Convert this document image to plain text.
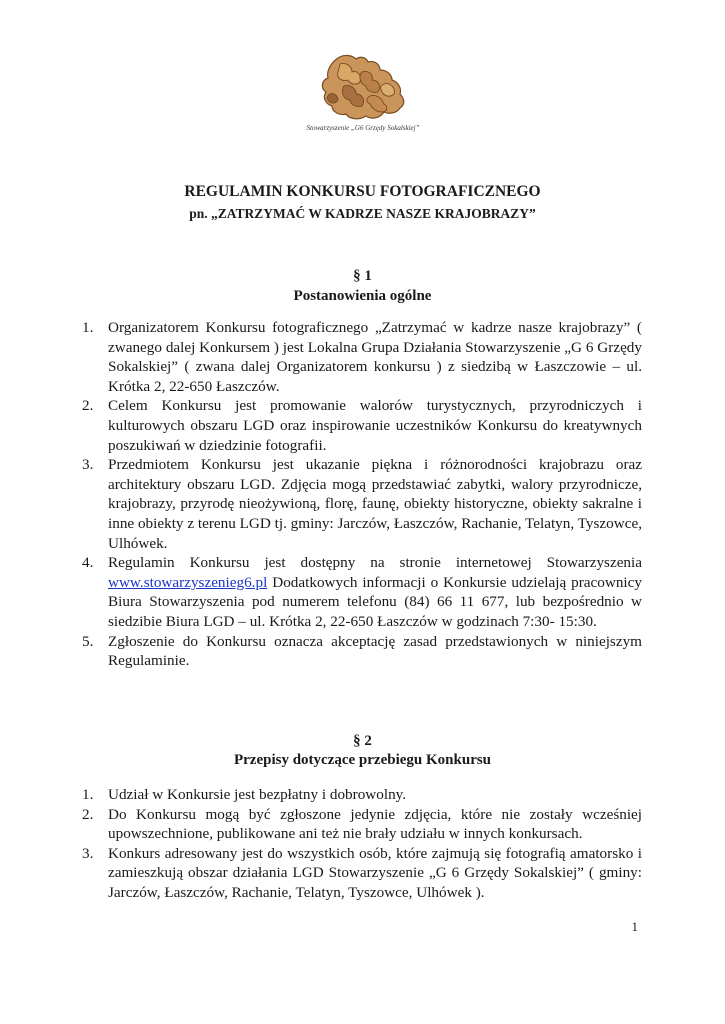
Stowarzyszenie „G6 Grzędy Sokalskiej”
REGULAMIN KONKURSU FOTOGRAFICZNEGO
pn. „ZATRZYMAĆ W KADRZE NASZE KRAJOBRAZY”
§ 1
Postanowienia ogólne
1. Organizatorem Konkursu fotograficznego „Zatrzymać w kadrze nasze krajobrazy” ( zwanego dalej Konkursem ) jest Lokalna Grupa Działania Stowarzyszenie „G 6 Grzędy Sokalskiej” ( zwana dalej Organizatorem konkursu ) z siedzibą w Łaszczowie – ul. Krótka 2, 22-650 Łaszczów.
2. Celem Konkursu jest promowanie walorów turystycznych, przyrodniczych i kulturowych obszaru LGD oraz inspirowanie uczestników Konkursu do kreatywnych poszukiwań w dziedzinie fotografii.
3. Przedmiotem Konkursu jest ukazanie piękna i różnorodności krajobrazu oraz architektury obszaru LGD. Zdjęcia mogą przedstawiać zabytki, walory przyrodnicze, krajobrazy, przyrodę nieożywioną, florę, faunę, obiekty historyczne, obiekty sakralne i inne obiekty z terenu LGD tj. gminy: Jarczów, Łaszczów, Rachanie, Telatyn, Tyszowce, Ulhówek.
4. Regulamin Konkursu jest dostępny na stronie internetowej Stowarzyszenia www.stowarzyszenieg6.pl Dodatkowych informacji o Konkursie udzielają pracownicy Biura Stowarzyszenia pod numerem telefonu (84) 66 11 677, lub bezpośrednio w siedzibie Biura LGD – ul. Krótka 2, 22-650 Łaszczów w godzinach 7:30- 15:30.
5. Zgłoszenie do Konkursu oznacza akceptację zasad przedstawionych w niniejszym Regulaminie.
§ 2
Przepisy dotyczące przebiegu Konkursu
1. Udział w Konkursie jest bezpłatny i dobrowolny.
2. Do Konkursu mogą być zgłoszone jedynie zdjęcia, które nie zostały wcześniej upowszechnione, publikowane ani też nie brały udziału w innych konkursach.
3. Konkurs adresowany jest do wszystkich osób, które zajmują się fotografią amatorsko i zamieszkują obszar działania LGD Stowarzyszenie „G 6 Grzędy Sokalskiej” ( gminy: Jarczów, Łaszczów, Rachanie, Telatyn, Tyszowce, Ulhówek ).
1
